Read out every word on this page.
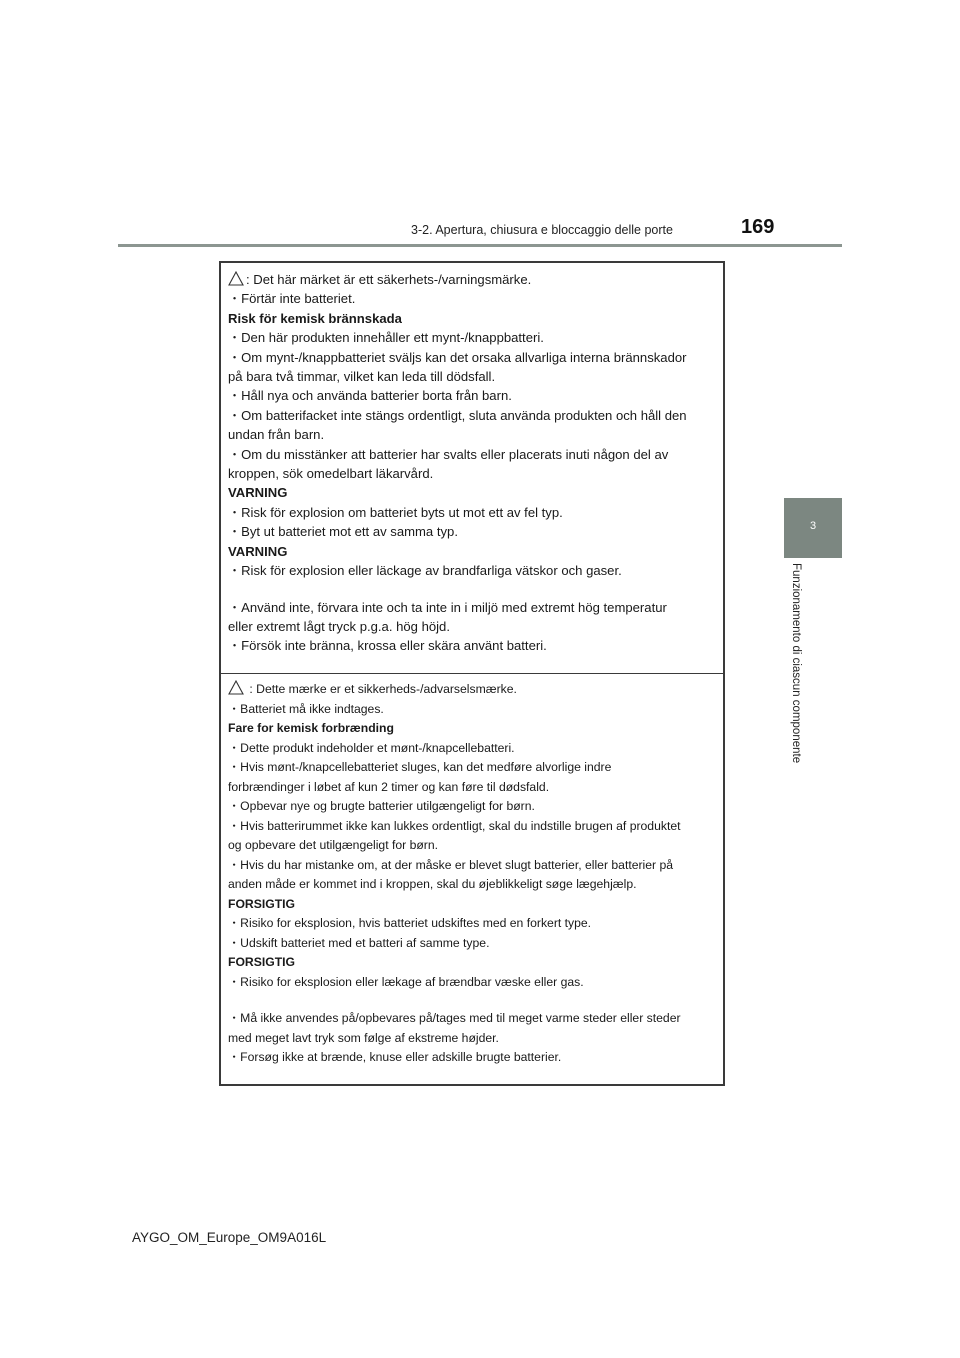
3-2. Apertura, chiusura e bloccaggio delle porte	169
3
Funzionamento di ciascun componente
: Det här märket är ett säkerhets-/varningsmärke.
・Förtär inte batteriet.
Risk för kemisk brännskada
・Den här produkten innehåller ett mynt-/knappbatteri.
・Om mynt-/knappbatteriet sväljs kan det orsaka allvarliga interna brännskador
på bara två timmar, vilket kan leda till dödsfall.
・Håll nya och använda batterier borta från barn.
・Om batterifacket inte stängs ordentligt, sluta använda produkten och håll den
undan från barn.
・Om du misstänker att batterier har svalts eller placerats inuti någon del av
kroppen, sök omedelbart läkarvård.
VARNING
・Risk för explosion om batteriet byts ut mot ett av fel typ.
・Byt ut batteriet mot ett av samma typ.
VARNING
・Risk för explosion eller läckage av brandfarliga vätskor och gaser.
・Använd inte, förvara inte och ta inte in i miljö med extremt hög temperatur
eller extremt lågt tryck p.g.a. hög höjd.
・Försök inte bränna, krossa eller skära använt batteri.
: Dette mærke er et sikkerheds-/advarselsmærke.
・Batteriet må ikke indtages.
Fare for kemisk forbrænding
・Dette produkt indeholder et mønt-/knapcellebatteri.
・Hvis mønt-/knapcellebatteriet sluges, kan det medføre alvorlige indre
forbrændinger i løbet af kun 2 timer og kan føre til dødsfald.
・Opbevar nye og brugte batterier utilgængeligt for børn.
・Hvis batterirummet ikke kan lukkes ordentligt, skal du indstille brugen af produktet
og opbevare det utilgængeligt for børn.
・Hvis du har mistanke om, at der måske er blevet slugt batterier, eller batterier på
anden måde er kommet ind i kroppen, skal du øjeblikkeligt søge lægehjælp.
FORSIGTIG
・Risiko for eksplosion, hvis batteriet udskiftes med en forkert type.
・Udskift batteriet med et batteri af samme type.
FORSIGTIG
・Risiko for eksplosion eller lækage af brændbar væske eller gas.
・Må ikke anvendes på/opbevares på/tages med til meget varme steder eller steder
med meget lavt tryk som følge af ekstreme højder.
・Forsøg ikke at brænde, knuse eller adskille brugte batterier.
AYGO_OM_Europe_OM9A016L
